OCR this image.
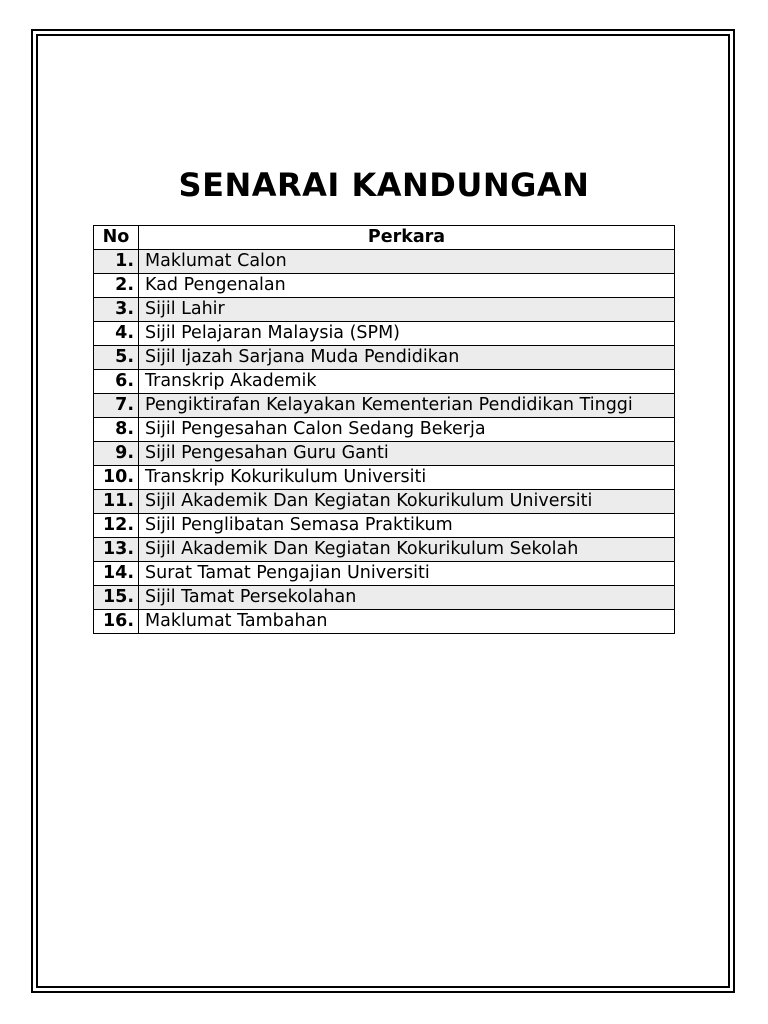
SENARAI KANDUNGAN
No	Perkara
1.	Maklumat Calon
2.	Kad Pengenalan
3.	Sijil Lahir
4.	Sijil Pelajaran Malaysia (SPM)
5.	Sijil Ijazah Sarjana Muda Pendidikan
6.	Transkrip Akademik
7.	Pengiktirafan Kelayakan Kementerian Pendidikan Tinggi
8.	Sijil Pengesahan Calon Sedang Bekerja
9.	Sijil Pengesahan Guru Ganti
10.	Transkrip Kokurikulum Universiti
11.	Sijil Akademik Dan Kegiatan Kokurikulum Universiti
12.	Sijil Penglibatan Semasa Praktikum
13.	Sijil Akademik Dan Kegiatan Kokurikulum Sekolah
14.	Surat Tamat Pengajian Universiti
15.	Sijil Tamat Persekolahan
16.	Maklumat Tambahan
